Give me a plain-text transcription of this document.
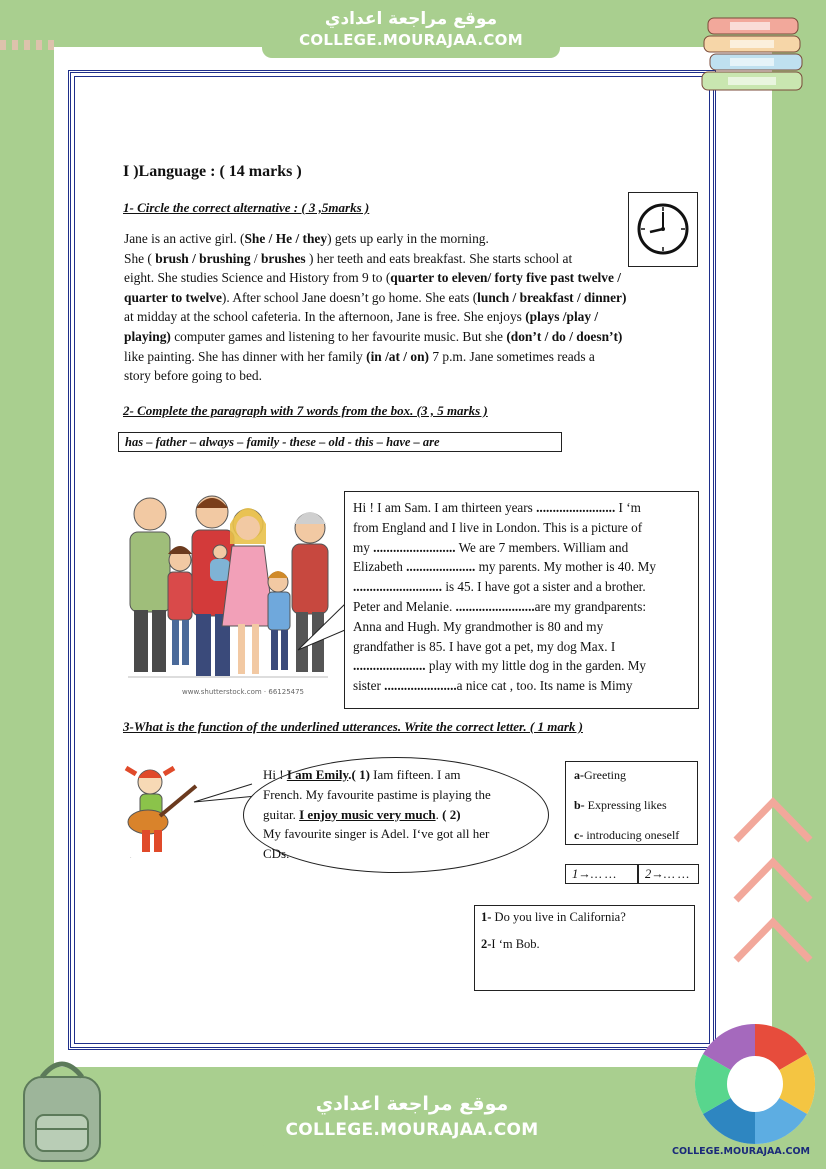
موقع مراجعة اعدادي
COLLEGE.MOURAJAA.COM
I )Language : ( 14 marks )
1- Circle the correct alternative : ( 3 ,5marks )
Jane is an active girl. (She / He / they) gets up early in the morning.
She ( brush / brushing / brushes ) her teeth and eats breakfast. She starts school at
eight. She studies Science and History from 9 to (quarter to eleven/ forty five past twelve /
quarter to twelve). After school Jane doesn’t go home. She eats (lunch / breakfast / dinner)
at midday at the school cafeteria. In the afternoon, Jane is free. She enjoys (plays /play /
playing) computer games and listening to her favourite music. But she (don’t / do / doesn’t)
like painting. She has dinner with her family (in /at / on) 7 p.m. Jane sometimes reads a
story before going to bed.
2- Complete the paragraph with 7 words from the box. (3 , 5 marks )
has – father – always – family - these – old - this – have – are
www.shutterstock.com · 66125475
Hi ! I am Sam. I am thirteen years ........................ I ‘m
from England and I live in London. This is a picture of
my ......................... We are 7 members. William and
Elizabeth ..................... my parents. My mother is 40. My
........................... is 45. I have got a sister and a brother.
Peter and Melanie. ........................are my grandparents:
Anna and Hugh. My grandmother is 80 and my
grandfather is 85. I have got a pet, my dog Max. I
...................... play with my little dog in the garden. My
sister ......................a nice cat , too. Its name is Mimy
3-What is the function of the underlined utterances. Write the correct letter. ( 1 mark )
.
Hi ! I am Emily.( 1) Iam fifteen. I am
French. My favourite pastime is playing the
guitar. I enjoy music very much. ( 2)
My favourite singer is Adel. I‘ve got all her
CDs.
a-Greeting
b- Expressing likes
c- introducing oneself
1→… …	2→… …
1- Do you live in California?
2-I ‘m Bob.
موقع مراجعة اعدادي
COLLEGE.MOURAJAA.COM
COLLEGE.MOURAJAA.COM
